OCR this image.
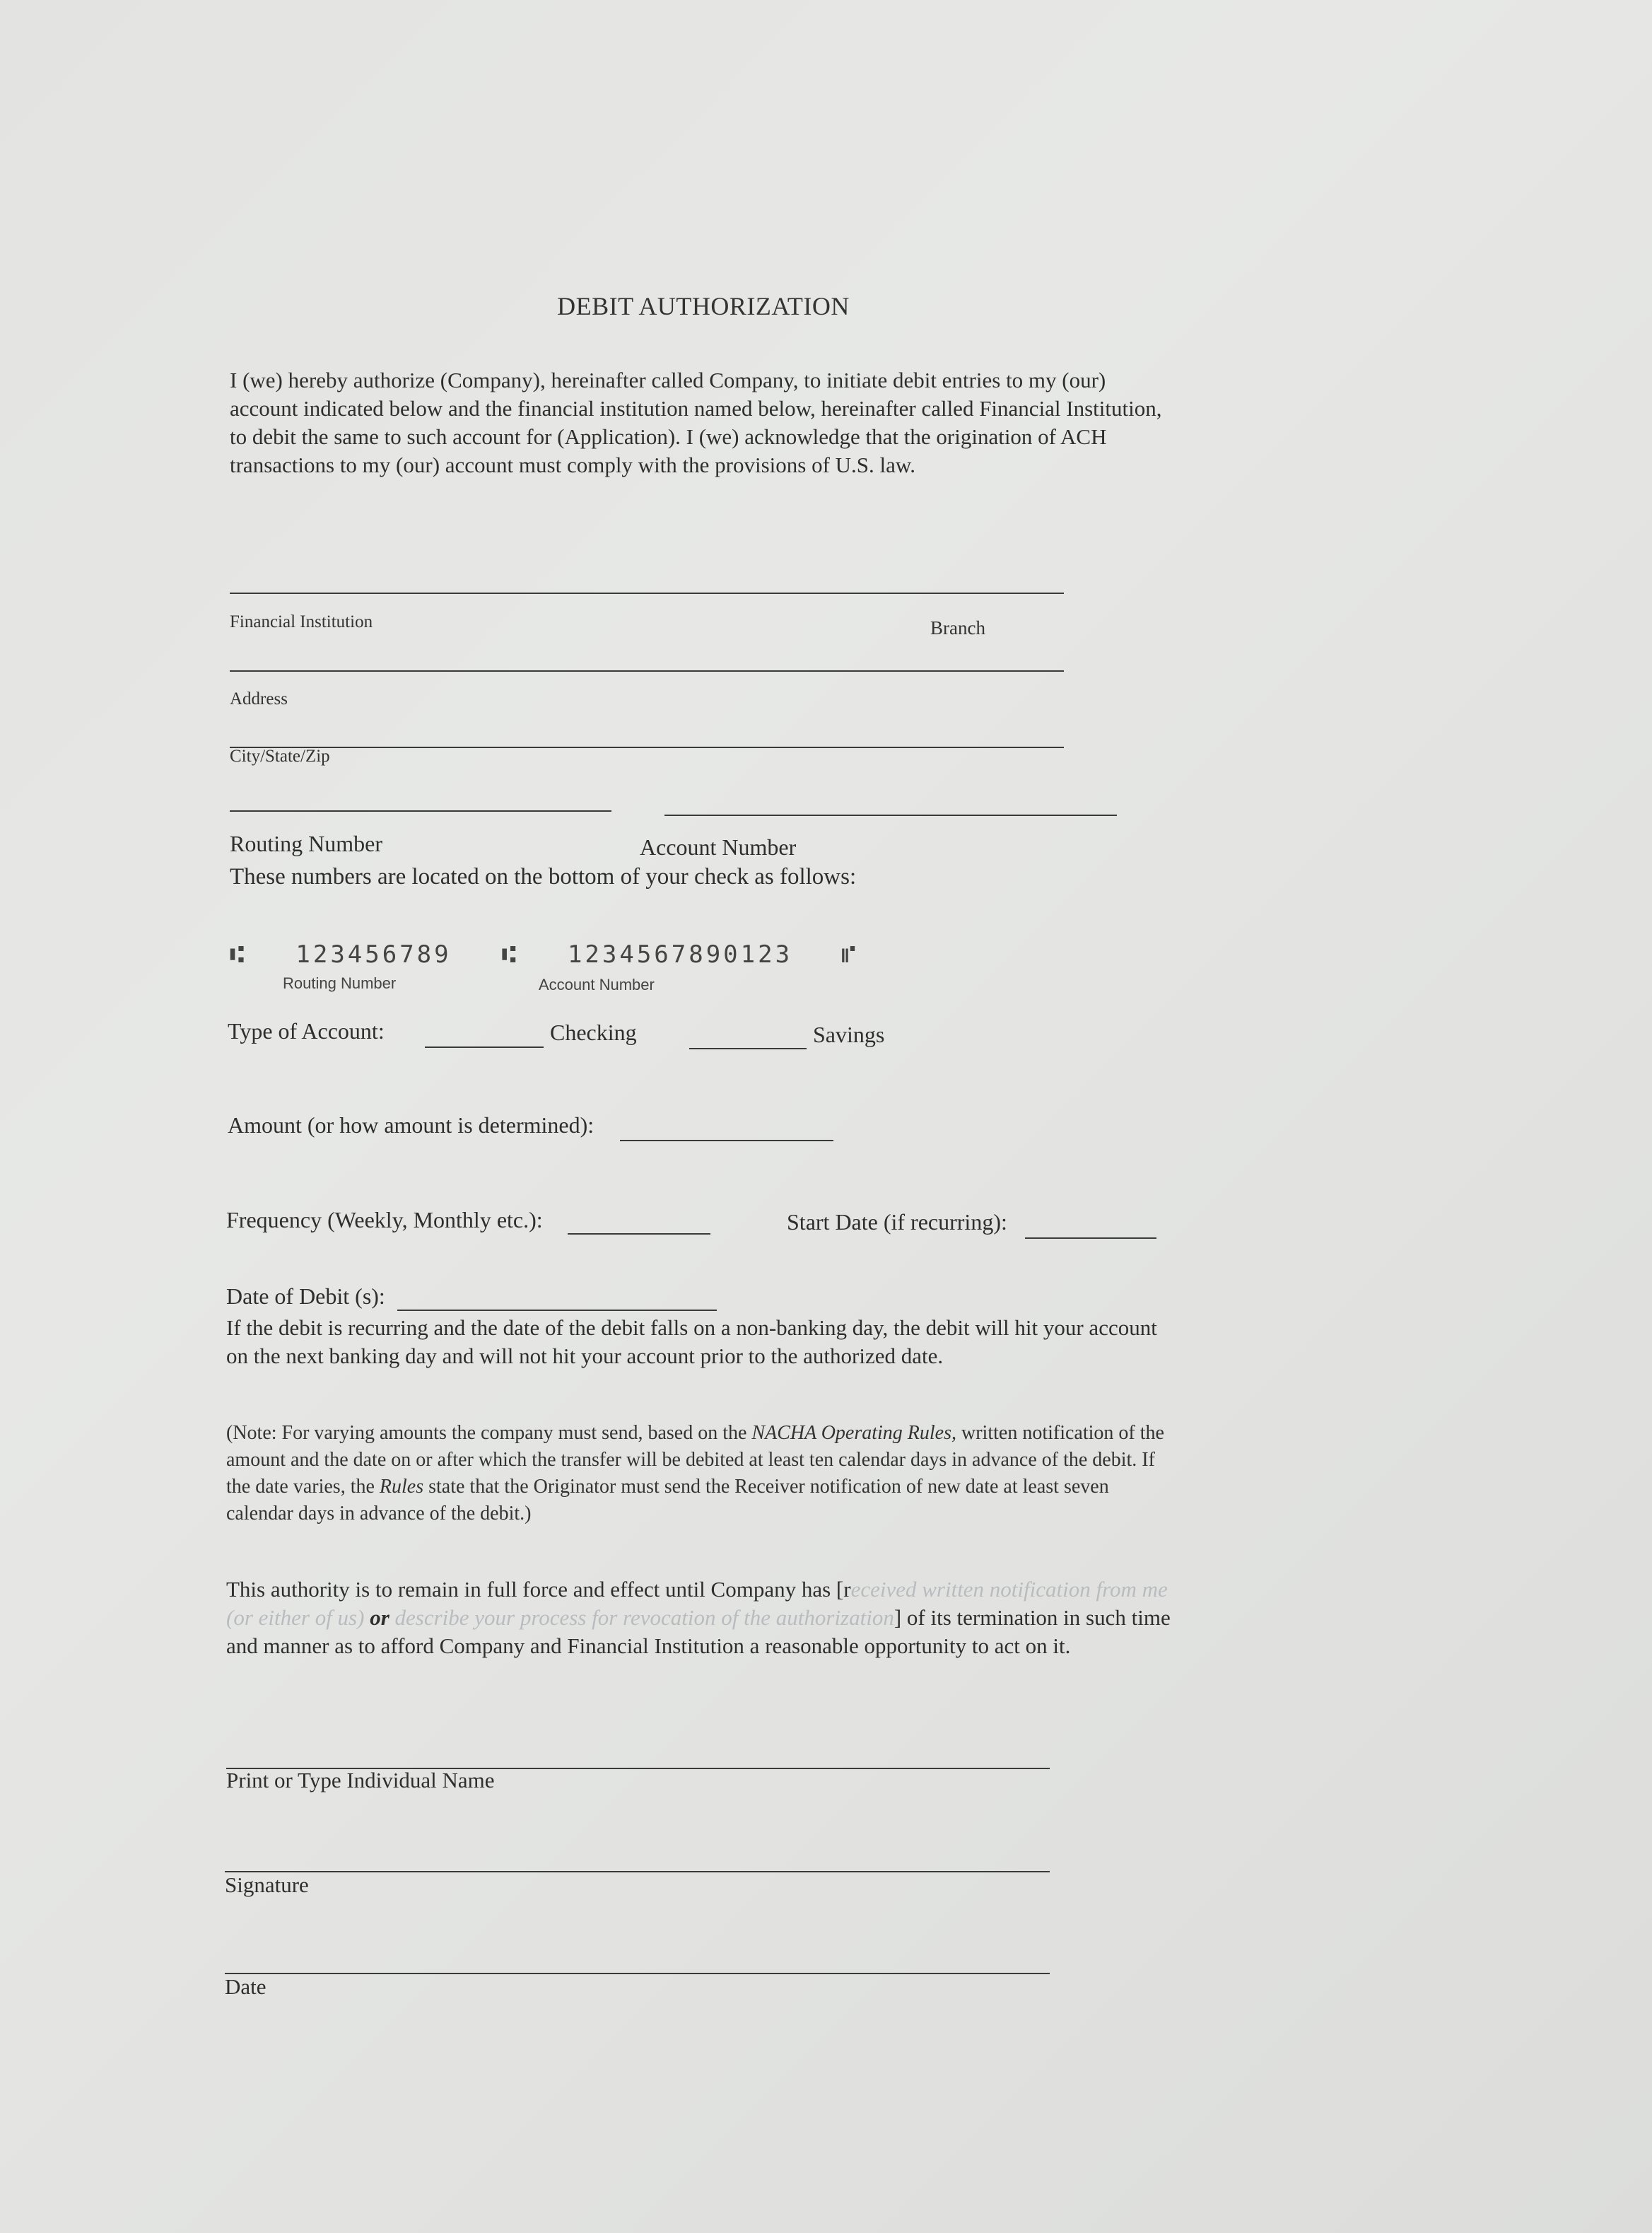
DEBIT AUTHORIZATION
I (we) hereby authorize (Company), hereinafter called Company, to initiate debit entries to my (our) account indicated below and the financial institution named below, hereinafter called Financial Institution, to debit the same to such account for (Application). I (we) acknowledge that the origination of ACH transactions to my (our) account must comply with the provisions of U.S. law.
Financial Institution	Branch
Address
City/State/Zip
Routing Number	Account Number
These numbers are located on the bottom of your check as follows:
⑆ 123456789 ⑆ 1234567890123 ⑈
Routing Number	Account Number
Type of Account:	Checking	Savings
Amount (or how amount is determined):
Frequency (Weekly, Monthly etc.):	Start Date (if recurring):
Date of Debit (s):
If the debit is recurring and the date of the debit falls on a non-banking day, the debit will hit your account on the next banking day and will not hit your account prior to the authorized date.
(Note: For varying amounts the company must send, based on the NACHA Operating Rules, written notification of the amount and the date on or after which the transfer will be debited at least ten calendar days in advance of the debit. If the date varies, the Rules state that the Originator must send the Receiver notification of new date at least seven calendar days in advance of the debit.)
This authority is to remain in full force and effect until Company has [received written notification from me (or either of us) or describe your process for revocation of the authorization] of its termination in such time and manner as to afford Company and Financial Institution a reasonable opportunity to act on it.
Print or Type Individual Name
Signature
Date
